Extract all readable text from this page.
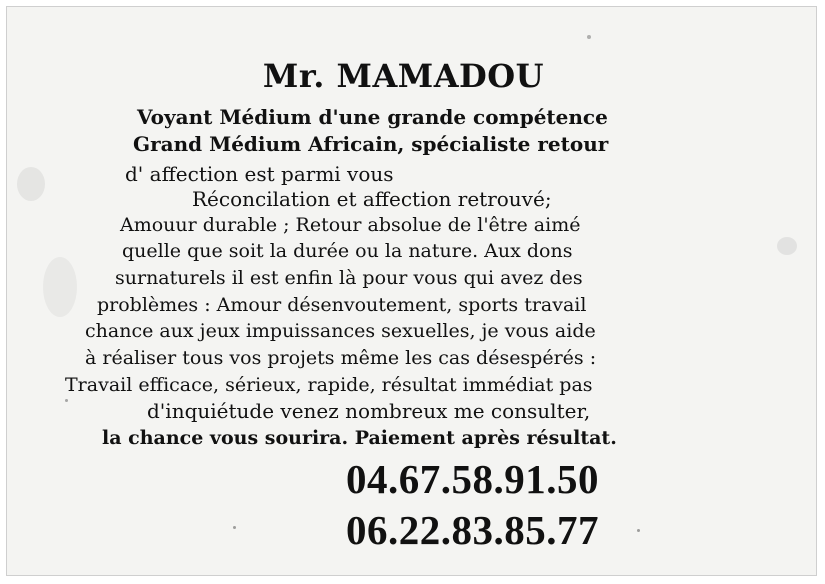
Mr. MAMADOU
Voyant Médium d'une grande compétence
Grand Médium Africain, spécialiste retour
d' affection est parmi vous
Réconcilation et affection retrouvé;
Amouur durable ; Retour absolue de l'être aimé
quelle que soit la durée ou la nature. Aux dons
surnaturels il est enfin là pour vous qui avez des
problèmes : Amour désenvoutement, sports travail
chance aux jeux impuissances sexuelles, je vous aide
à réaliser tous vos projets même les cas désespérés :
Travail efficace, sérieux, rapide, résultat immédiat pas
d'inquiétude venez nombreux me consulter,
la chance vous sourira. Paiement après résultat.
04.67.58.91.50
06.22.83.85.77
